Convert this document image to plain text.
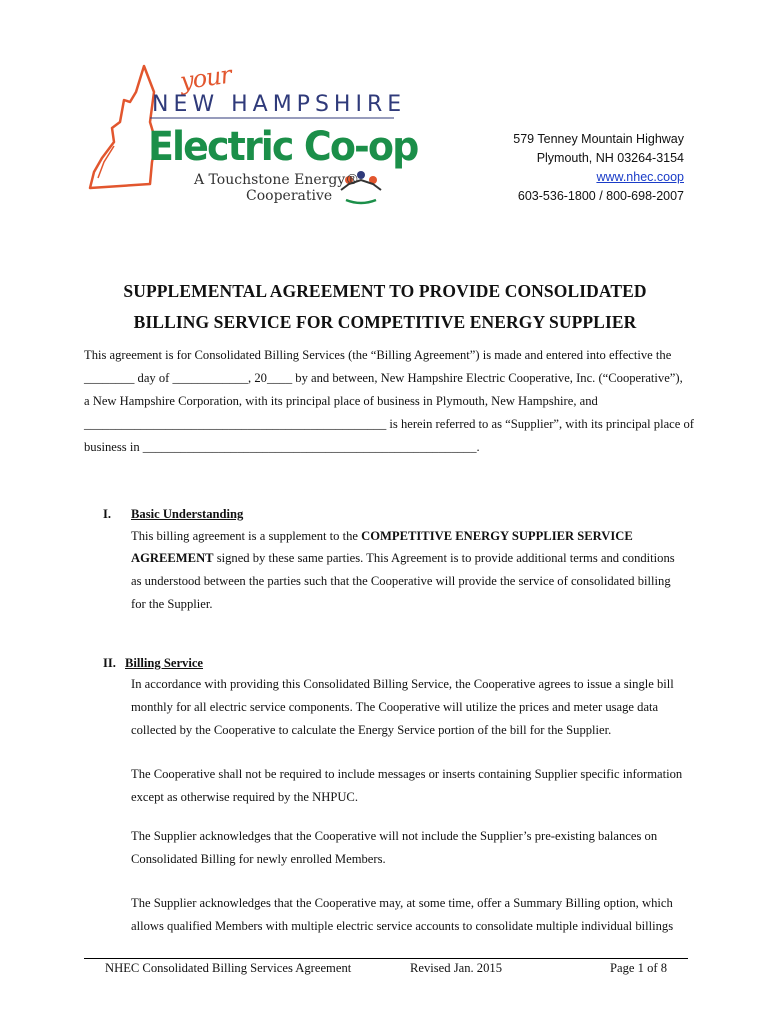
your
NEW HAMPSHIRE
Electric Co-op
A Touchstone Energy®
Cooperative
579 Tenney Mountain Highway
Plymouth, NH 03264-3154
www.nhec.coop
603-536-1800 / 800-698-2007
SUPPLEMENTAL AGREEMENT TO PROVIDE CONSOLIDATED
BILLING SERVICE FOR COMPETITIVE ENERGY SUPPLIER
This agreement is for Consolidated Billing Services (the “Billing Agreement”) is made and entered into effective the
________ day of ____________, 20____ by and between, New Hampshire Electric Cooperative, Inc. (“Cooperative”),
a New Hampshire Corporation, with its principal place of business in Plymouth, New Hampshire, and
________________________________________________ is herein referred to as “Supplier”, with its principal place of
business in _____________________________________________________.
I. Basic Understanding
This billing agreement is a supplement to the COMPETITIVE ENERGY SUPPLIER SERVICE
AGREEMENT signed by these same parties. This Agreement is to provide additional terms and conditions
as understood between the parties such that the Cooperative will provide the service of consolidated billing
for the Supplier.
II. Billing Service
In accordance with providing this Consolidated Billing Service, the Cooperative agrees to issue a single bill
monthly for all electric service components. The Cooperative will utilize the prices and meter usage data
collected by the Cooperative to calculate the Energy Service portion of the bill for the Supplier.
The Cooperative shall not be required to include messages or inserts containing Supplier specific information
except as otherwise required by the NHPUC.
The Supplier acknowledges that the Cooperative will not include the Supplier’s pre-existing balances on
Consolidated Billing for newly enrolled Members.
The Supplier acknowledges that the Cooperative may, at some time, offer a Summary Billing option, which
allows qualified Members with multiple electric service accounts to consolidate multiple individual billings
NHEC Consolidated Billing Services Agreement	Revised Jan. 2015	Page 1 of 8
